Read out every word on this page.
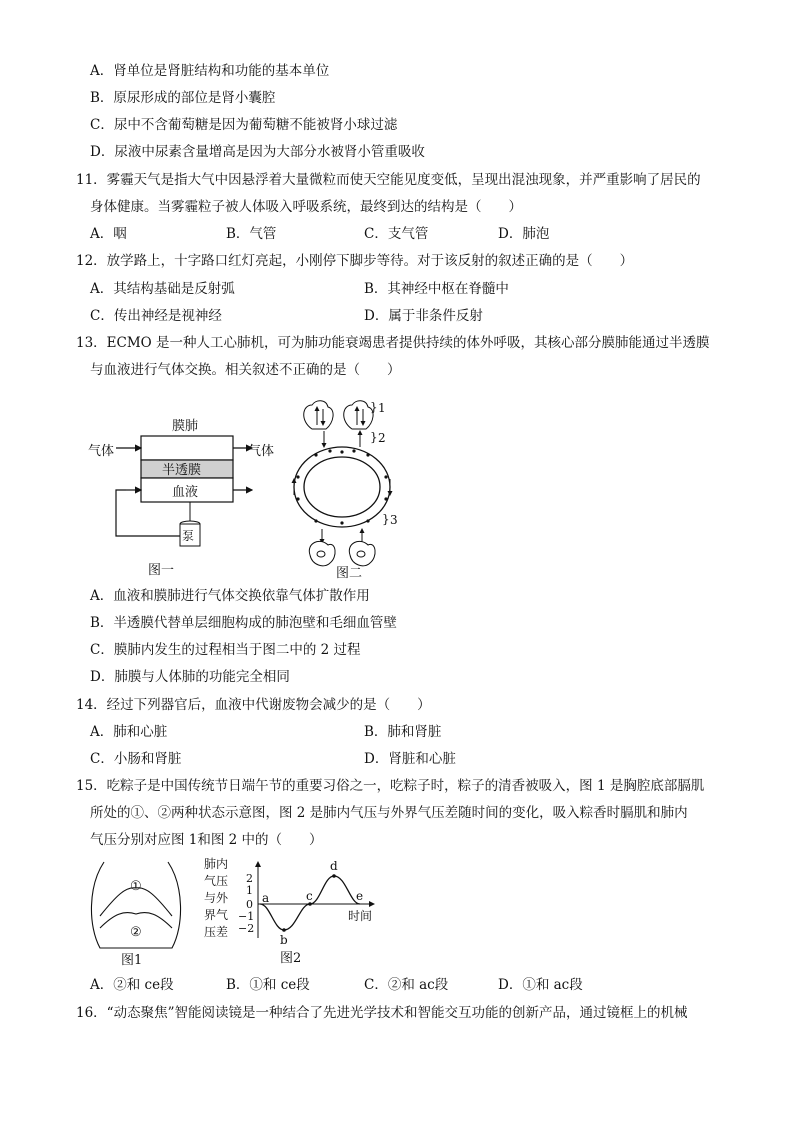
A．肾单位是肾脏结构和功能的基本单位
B．原尿形成的部位是肾小囊腔
C．尿中不含葡萄糖是因为葡萄糖不能被肾小球过滤
D．尿液中尿素含量增高是因为大部分水被肾小管重吸收
11．雾霾天气是指大气中因悬浮着大量微粒而使天空能见度变低，呈现出混浊现象，并严重影响了居民的
身体健康。当雾霾粒子被人体吸入呼吸系统，最终到达的结构是（　　）
A．咽	B．气管	C．支气管	D．肺泡
12．放学路上，十字路口红灯亮起，小刚停下脚步等待。对于该反射的叙述正确的是（　　）
A．其结构基础是反射弧	B．其神经中枢在脊髓中
C．传出神经是视神经	D．属于非条件反射
13．ECMO 是一种人工心肺机，可为肺功能衰竭患者提供持续的体外呼吸，其核心部分膜肺能通过半透膜
与血液进行气体交换。相关叙述不正确的是（　　）
膜肺
半透膜
血液
气体	气体
泵
图一
} 1
} 2
} 3
图二
A．血液和膜肺进行气体交换依靠气体扩散作用
B．半透膜代替单层细胞构成的肺泡壁和毛细血管壁
C．膜肺内发生的过程相当于图二中的 2 过程
D．肺膜与人体肺的功能完全相同
14．经过下列器官后，血液中代谢废物会减少的是（　　）
A．肺和心脏	B．肺和肾脏
C．小肠和肾脏	D．肾脏和心脏
15．吃粽子是中国传统节日端午节的重要习俗之一，吃粽子时，粽子的清香被吸入，图 1 是胸腔底部膈肌
所处的①、②两种状态示意图，图 2 是肺内气压与外界气压差随时间的变化，吸入粽香时膈肌和肺内
气压分别对应图 1和图 2 中的（　　）
①
②
图1
肺内
气压
与外
界气
压差
2
1
0
−1
−2
a
b
c
d
e
时间
图2
A．②和 ce段	B．①和 ce段	C．②和 ac段	D．①和 ac段
16．“动态聚焦”智能阅读镜是一种结合了先进光学技术和智能交互功能的创新产品，通过镜框上的机械
